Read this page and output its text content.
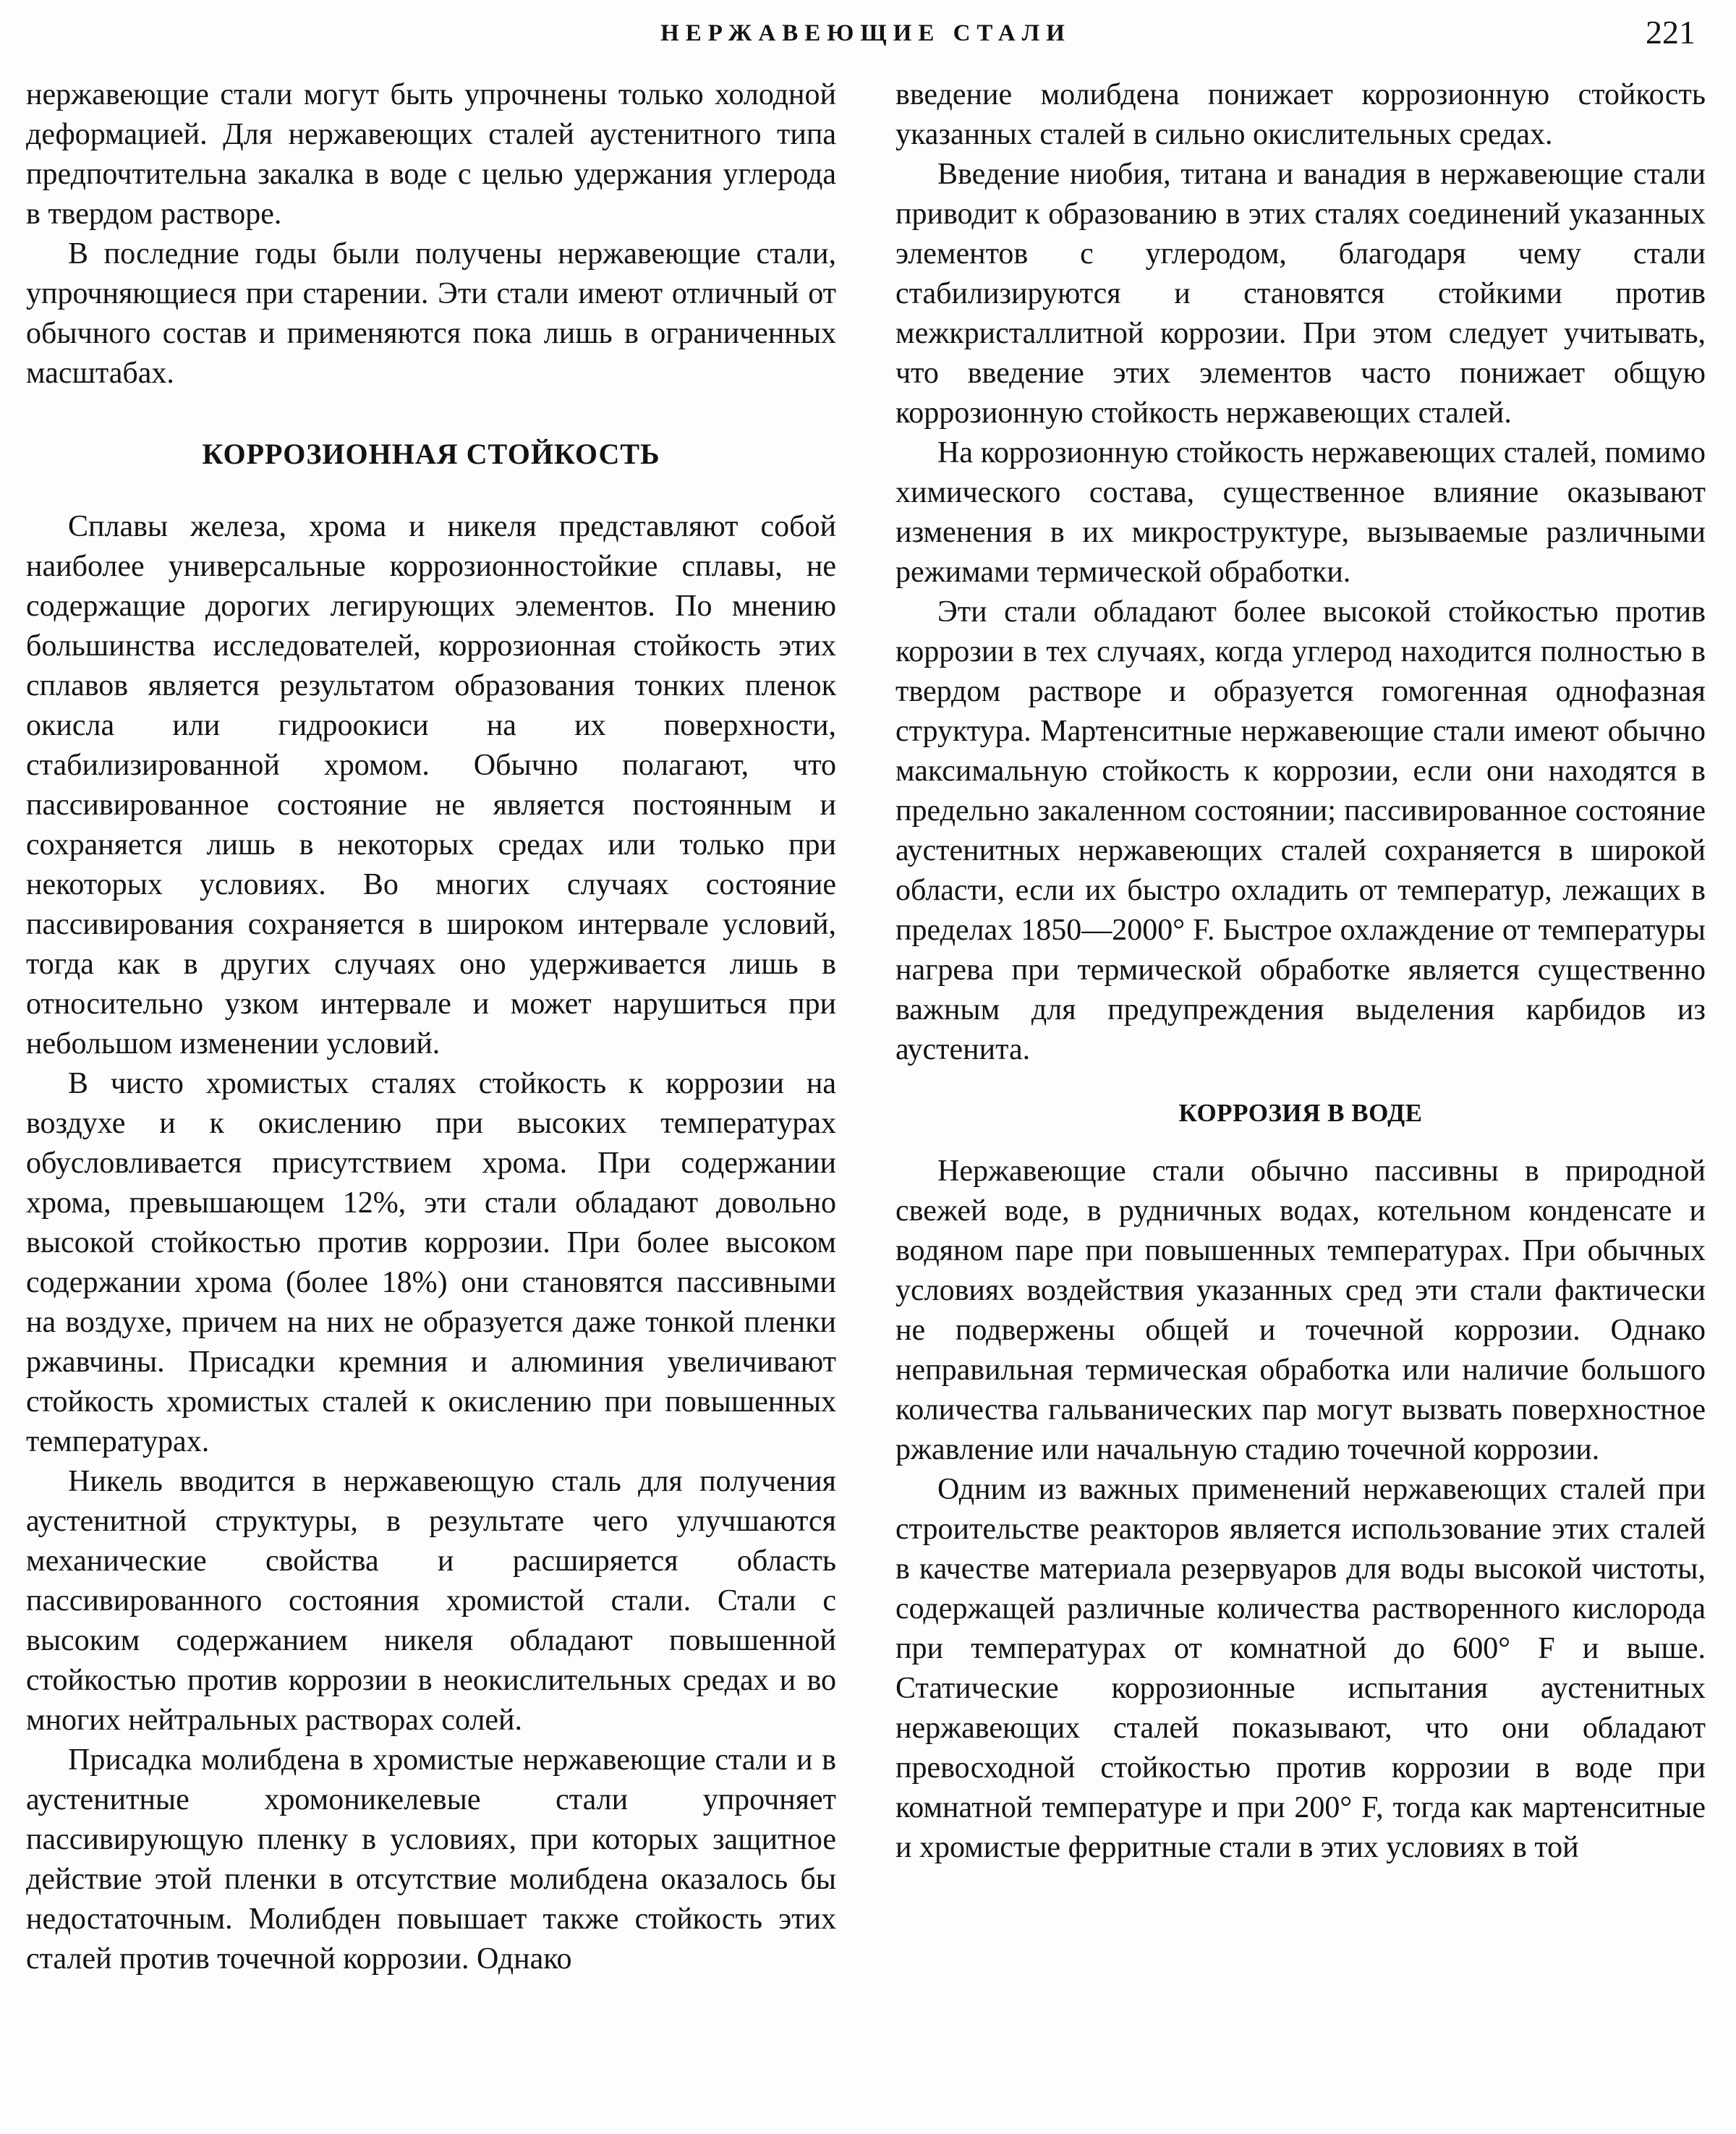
НЕРЖАВЕЮЩИЕ СТАЛИ	221

нержавеющие стали могут быть упрочнены только холодной деформацией. Для нержавеющих сталей аустенитного типа предпочтительна закалка в воде с целью удержания углерода в твердом растворе.

В последние годы были получены нержавеющие стали, упрочняющиеся при старении. Эти стали имеют отличный от обычного состав и применяются пока лишь в ограниченных масштабах.

КОРРОЗИОННАЯ СТОЙКОСТЬ

Сплавы железа, хрома и никеля представляют собой наиболее универсальные коррозионностойкие сплавы, не содержащие дорогих легирующих элементов. По мнению большинства исследователей, коррозионная стойкость этих сплавов является результатом образования тонких пленок окисла или гидроокиси на их поверхности, стабилизированной хромом. Обычно полагают, что пассивированное состояние не является постоянным и сохраняется лишь в некоторых средах или только при некоторых условиях. Во многих случаях состояние пассивирования сохраняется в широком интервале условий, тогда как в других случаях оно удерживается лишь в относительно узком интервале и может нарушиться при небольшом изменении условий.

В чисто хромистых сталях стойкость к коррозии на воздухе и к окислению при высоких температурах обусловливается присутствием хрома. При содержании хрома, превышающем 12%, эти стали обладают довольно высокой стойкостью против коррозии. При более высоком содержании хрома (более 18%) они становятся пассивными на воздухе, причем на них не образуется даже тонкой пленки ржавчины. Присадки кремния и алюминия увеличивают стойкость хромистых сталей к окислению при повышенных температурах.

Никель вводится в нержавеющую сталь для получения аустенитной структуры, в результате чего улучшаются механические свойства и расширяется область пассивированного состояния хромистой стали. Стали с высоким содержанием никеля обладают повышенной стойкостью против коррозии в неокислительных средах и во многих нейтральных растворах солей.

Присадка молибдена в хромистые нержавеющие стали и в аустенитные хромоникелевые стали упрочняет пассивирующую пленку в условиях, при которых защитное действие этой пленки в отсутствие молибдена оказалось бы недостаточным. Молибден повышает также стойкость этих сталей против точечной коррозии. Однако

введение молибдена понижает коррозионную стойкость указанных сталей в сильно окислительных средах.

Введение ниобия, титана и ванадия в нержавеющие стали приводит к образованию в этих сталях соединений указанных элементов с углеродом, благодаря чему стали стабилизируются и становятся стойкими против межкристаллитной коррозии. При этом следует учитывать, что введение этих элементов часто понижает общую коррозионную стойкость нержавеющих сталей.

На коррозионную стойкость нержавеющих сталей, помимо химического состава, существенное влияние оказывают изменения в их микроструктуре, вызываемые различными режимами термической обработки.

Эти стали обладают более высокой стойкостью против коррозии в тех случаях, когда углерод находится полностью в твердом растворе и образуется гомогенная однофазная структура. Мартенситные нержавеющие стали имеют обычно максимальную стойкость к коррозии, если они находятся в предельно закаленном состоянии; пассивированное состояние аустенитных нержавеющих сталей сохраняется в широкой области, если их быстро охладить от температур, лежащих в пределах 1850—2000° F. Быстрое охлаждение от температуры нагрева при термической обработке является существенно важным для предупреждения выделения карбидов из аустенита.

КОРРОЗИЯ В ВОДЕ

Нержавеющие стали обычно пассивны в природной свежей воде, в рудничных водах, котельном конденсате и водяном паре при повышенных температурах. При обычных условиях воздействия указанных сред эти стали фактически не подвержены общей и точечной коррозии. Однако неправильная термическая обработка или наличие большого количества гальванических пар могут вызвать поверхностное ржавление или начальную стадию точечной коррозии.

Одним из важных применений нержавеющих сталей при строительстве реакторов является использование этих сталей в качестве материала резервуаров для воды высокой чистоты, содержащей различные количества растворенного кислорода при температурах от комнатной до 600° F и выше. Статические коррозионные испытания аустенитных нержавеющих сталей показывают, что они обладают превосходной стойкостью против коррозии в воде при комнатной температуре и при 200° F, тогда как мартенситные и хромистые ферритные стали в этих условиях в той
